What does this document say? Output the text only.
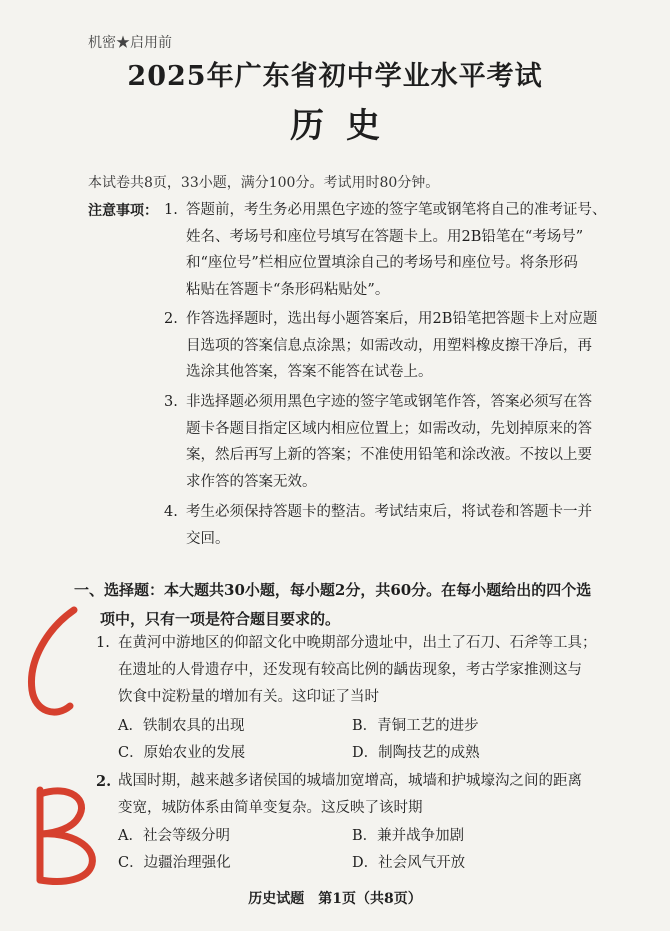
机密★启用前
2025年广东省初中学业水平考试
历史
本试卷共8页，33小题，满分100分。考试用时80分钟。
注意事项： 1. 答题前，考生务必用黑色字迹的签字笔或钢笔将自己的准考证号、
姓名、考场号和座位号填写在答题卡上。用2B铅笔在“考场号”
和“座位号”栏相应位置填涂自己的考场号和座位号。将条形码
粘贴在答题卡“条形码粘贴处”。
2. 作答选择题时，选出每小题答案后，用2B铅笔把答题卡上对应题
目选项的答案信息点涂黑；如需改动，用塑料橡皮擦干净后，再
选涂其他答案，答案不能答在试卷上。
3. 非选择题必须用黑色字迹的签字笔或钢笔作答，答案必须写在答
题卡各题目指定区域内相应位置上；如需改动，先划掉原来的答
案，然后再写上新的答案；不准使用铅笔和涂改液。不按以上要
求作答的答案无效。
4. 考生必须保持答题卡的整洁。考试结束后，将试卷和答题卡一并
交回。
一、选择题：本大题共30小题，每小题2分，共60分。在每小题给出的四个选
项中，只有一项是符合题目要求的。
1. 在黄河中游地区的仰韶文化中晚期部分遗址中，出土了石刀、石斧等工具；
在遗址的人骨遗存中，还发现有较高比例的龋齿现象，考古学家推测这与
饮食中淀粉量的增加有关。这印证了当时
A．铁制农具的出现	B．青铜工艺的进步
C．原始农业的发展	D．制陶技艺的成熟
2. 战国时期，越来越多诸侯国的城墙加宽增高，城墙和护城壕沟之间的距离
变宽，城防体系由简单变复杂。这反映了该时期
A．社会等级分明	B．兼并战争加剧
C．边疆治理强化	D．社会风气开放
历史试题　第1页（共8页）
